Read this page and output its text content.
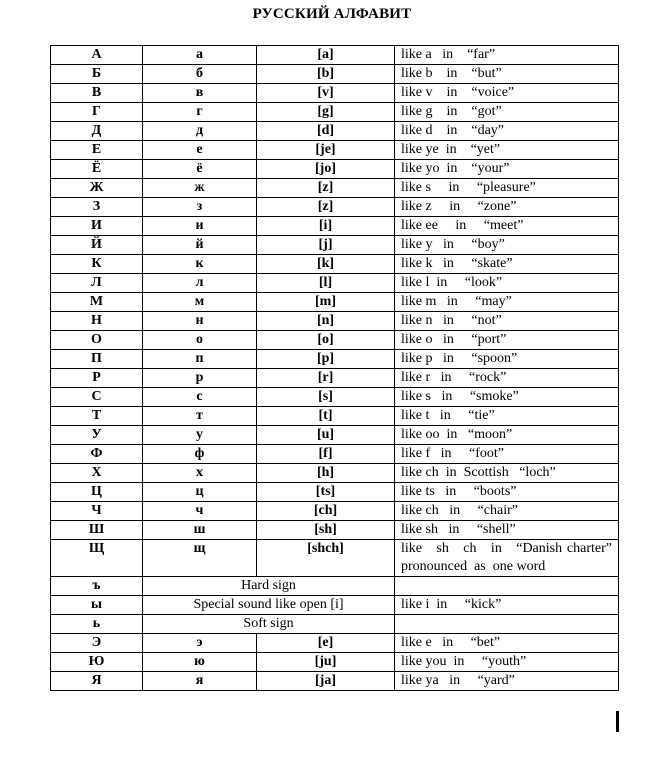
РУССКИЙ АЛФАВИТ
А	а	[a]	like a   in    “far”
Б	б	[b]	like b    in    “but”
В	в	[v]	like v    in    “voice”
Г	г	[g]	like g    in    “got”
Д	д	[d]	like d    in    “day”
Е	е	[je]	like ye  in    “yet”
Ё	ё	[jo]	like yo  in    “your”
Ж	ж	[z]	like s     in     “pleasure”
З	з	[z]	like z     in     “zone”
И	и	[i]	like ee     in     “meet”
Й	й	[j]	like y   in     “boy”
К	к	[k]	like k   in     “skate”
Л	л	[l]	like l  in     “look”
М	м	[m]	like m   in     “may”
Н	н	[n]	like n   in     “not”
О	о	[o]	like o   in     “port”
П	п	[p]	like p   in     “spoon”
Р	р	[r]	like r   in     “rock”
С	с	[s]	like s   in     “smoke”
Т	т	[t]	like t   in     “tie”
У	у	[u]	like oo  in   “moon”
Ф	ф	[f]	like f   in     “foot”
Х	х	[h]	like ch  in  Scottish   “loch”
Ц	ц	[ts]	like ts   in     “boots”
Ч	ч	[ch]	like ch   in     “chair”
Ш	ш	[sh]	like sh   in     “shell”
Щ	щ	[shch]	like   sh   ch   in   “Danish charter”  pronounced  as  one word
ъ	Hard sign		
ы	Special sound like open [i]		like i  in     “kick”
ь	Soft sign		
Э	э	[e]	like e   in     “bet”
Ю	ю	[ju]	like you  in     “youth”
Я	я	[ja]	like ya   in     “yard”
